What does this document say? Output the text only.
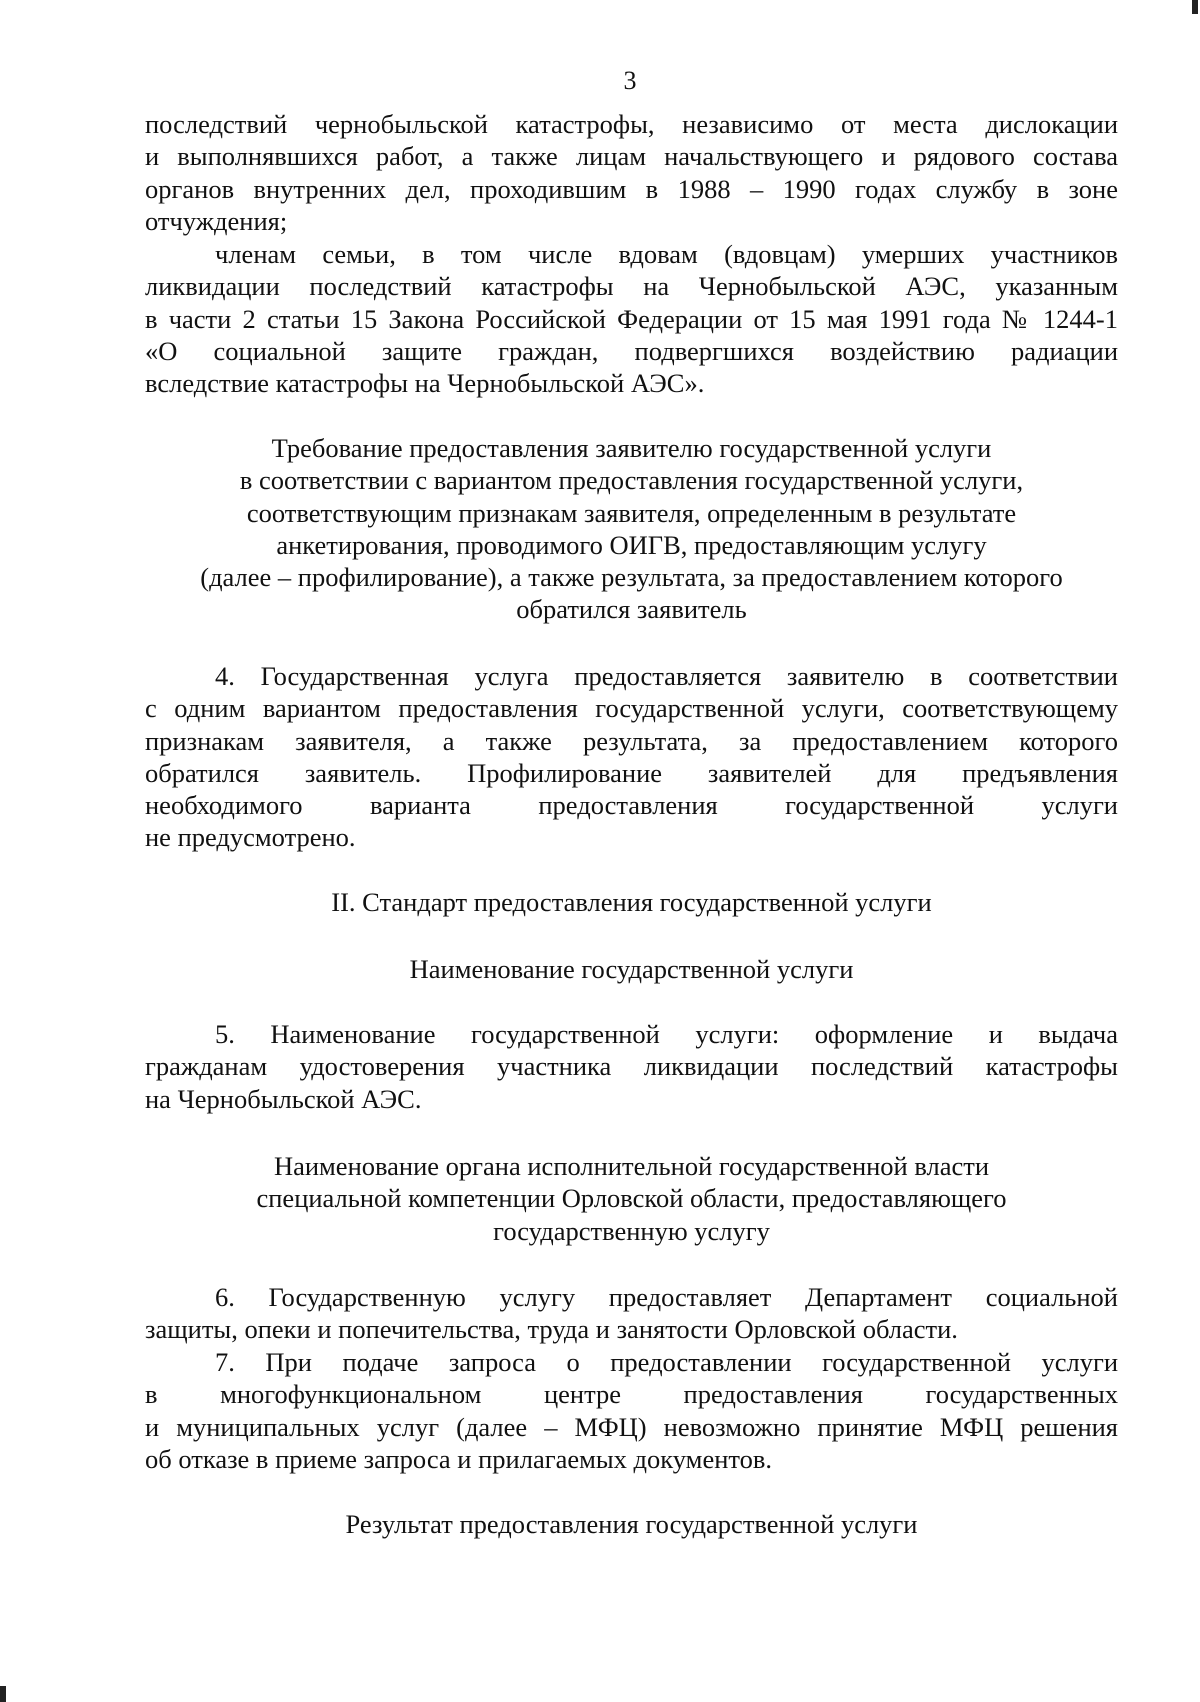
3

последствий чернобыльской катастрофы, независимо от места дислокации

и выполнявшихся работ, а также лицам начальствующего и рядового состава

органов внутренних дел, проходившим в 1988 – 1990 годах службу в зоне

отчуждения;

членам семьи, в том числе вдовам (вдовцам) умерших участников

ликвидации последствий катастрофы на Чернобыльской АЭС, указанным

в части 2 статьи 15 Закона Российской Федерации от 15 мая 1991 года № 1244-1

«О социальной защите граждан, подвергшихся воздействию радиации

вследствие катастрофы на Чернобыльской АЭС».

Требование предоставления заявителю государственной услуги

в соответствии с вариантом предоставления государственной услуги,

соответствующим признакам заявителя, определенным в результате

анкетирования, проводимого ОИГВ, предоставляющим услугу

(далее – профилирование), а также результата, за предоставлением которого

обратился заявитель

4. Государственная услуга предоставляется заявителю в соответствии

с одним вариантом предоставления государственной услуги, соответствующему

признакам заявителя, а также результата, за предоставлением которого

обратился заявитель. Профилирование заявителей для предъявления

необходимого варианта предоставления государственной услуги

не предусмотрено.

II. Стандарт предоставления государственной услуги

Наименование государственной услуги

5. Наименование государственной услуги: оформление и выдача

гражданам удостоверения участника ликвидации последствий катастрофы

на Чернобыльской АЭС.

Наименование органа исполнительной государственной власти

специальной компетенции Орловской области, предоставляющего

государственную услугу

6. Государственную услугу предоставляет Департамент социальной

защиты, опеки и попечительства, труда и занятости Орловской области.

7. При подаче запроса о предоставлении государственной услуги

в многофункциональном центре предоставления государственных

и муниципальных услуг (далее – МФЦ) невозможно принятие МФЦ решения

об отказе в приеме запроса и прилагаемых документов.

Результат предоставления государственной услуги
